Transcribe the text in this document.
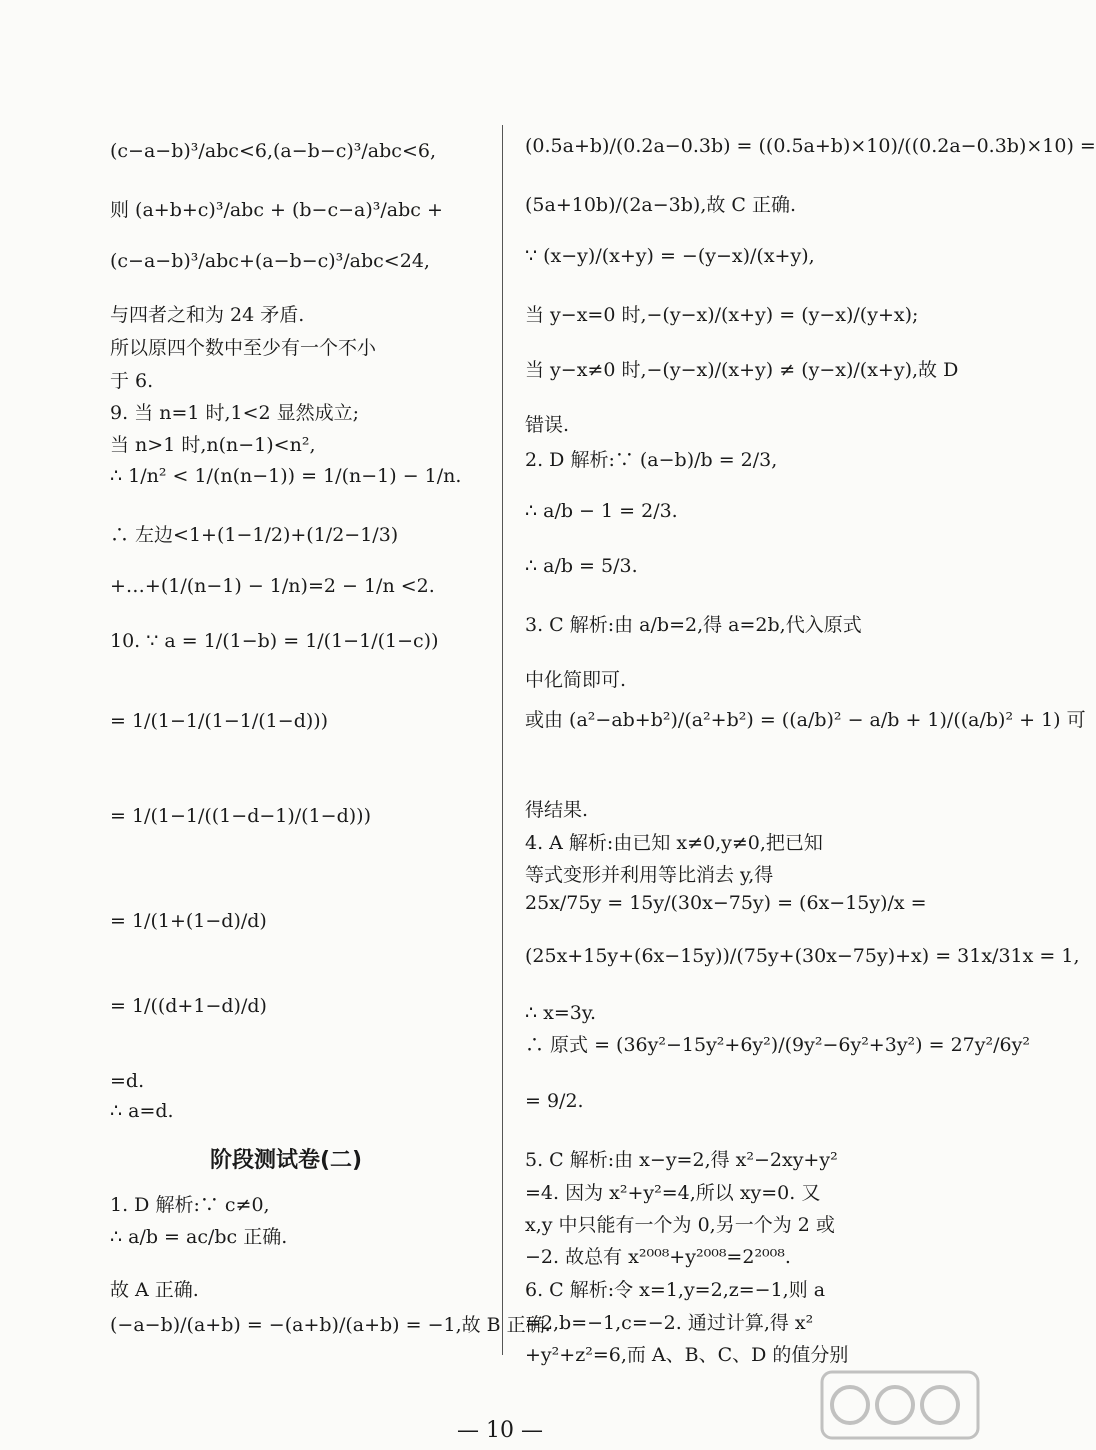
(c−a−b)³/abc<6,(a−b−c)³/abc<6,
则 (a+b+c)³/abc + (b−c−a)³/abc +
(c−a−b)³/abc+(a−b−c)³/abc<24,
与四者之和为 24 矛盾.
所以原四个数中至少有一个不小
于 6.
9. 当 n=1 时,1<2 显然成立;
当 n>1 时,n(n−1)<n²,
∴ 1/n² < 1/(n(n−1)) = 1/(n−1) − 1/n.
∴ 左边<1+(1−1/2)+(1/2−1/3)
+…+(1/(n−1) − 1/n)=2 − 1/n <2.
10. ∵ a = 1/(1−b) = 1/(1−1/(1−c))
= 1/(1−1/(1−1/(1−d)))
= 1/(1−1/((1−d−1)/(1−d)))
= 1/(1+(1−d)/d)
= 1/((d+1−d)/d)
=d.
∴ a=d.
阶段测试卷(二)
1. D 解析:∵ c≠0,
∴ a/b = ac/bc 正确.
故 A 正确.
(−a−b)/(a+b) = −(a+b)/(a+b) = −1,故 B 正确.
(0.5a+b)/(0.2a−0.3b) = ((0.5a+b)×10)/((0.2a−0.3b)×10) =
(5a+10b)/(2a−3b),故 C 正确.
∵ (x−y)/(x+y) = −(y−x)/(x+y),
当 y−x=0 时,−(y−x)/(x+y) = (y−x)/(y+x);
当 y−x≠0 时,−(y−x)/(x+y) ≠ (y−x)/(x+y),故 D
错误.
2. D 解析:∵ (a−b)/b = 2/3,
∴ a/b − 1 = 2/3.
∴ a/b = 5/3.
3. C 解析:由 a/b=2,得 a=2b,代入原式
中化简即可.
或由 (a²−ab+b²)/(a²+b²) = ((a/b)² − a/b + 1)/((a/b)² + 1) 可
得结果.
4. A 解析:由已知 x≠0,y≠0,把已知
等式变形并利用等比消去 y,得
25x/75y = 15y/(30x−75y) = (6x−15y)/x =
(25x+15y+(6x−15y))/(75y+(30x−75y)+x) = 31x/31x = 1,
∴ x=3y.
∴ 原式 = (36y²−15y²+6y²)/(9y²−6y²+3y²) = 27y²/6y²
= 9/2.
5. C 解析:由 x−y=2,得 x²−2xy+y²
=4. 因为 x²+y²=4,所以 xy=0. 又
x,y 中只能有一个为 0,另一个为 2 或
−2. 故总有 x²⁰⁰⁸+y²⁰⁰⁸=2²⁰⁰⁸.
6. C 解析:令 x=1,y=2,z=−1,则 a
=2,b=−1,c=−2. 通过计算,得 x²
+y²+z²=6,而 A、B、C、D 的值分别
— 10 —
